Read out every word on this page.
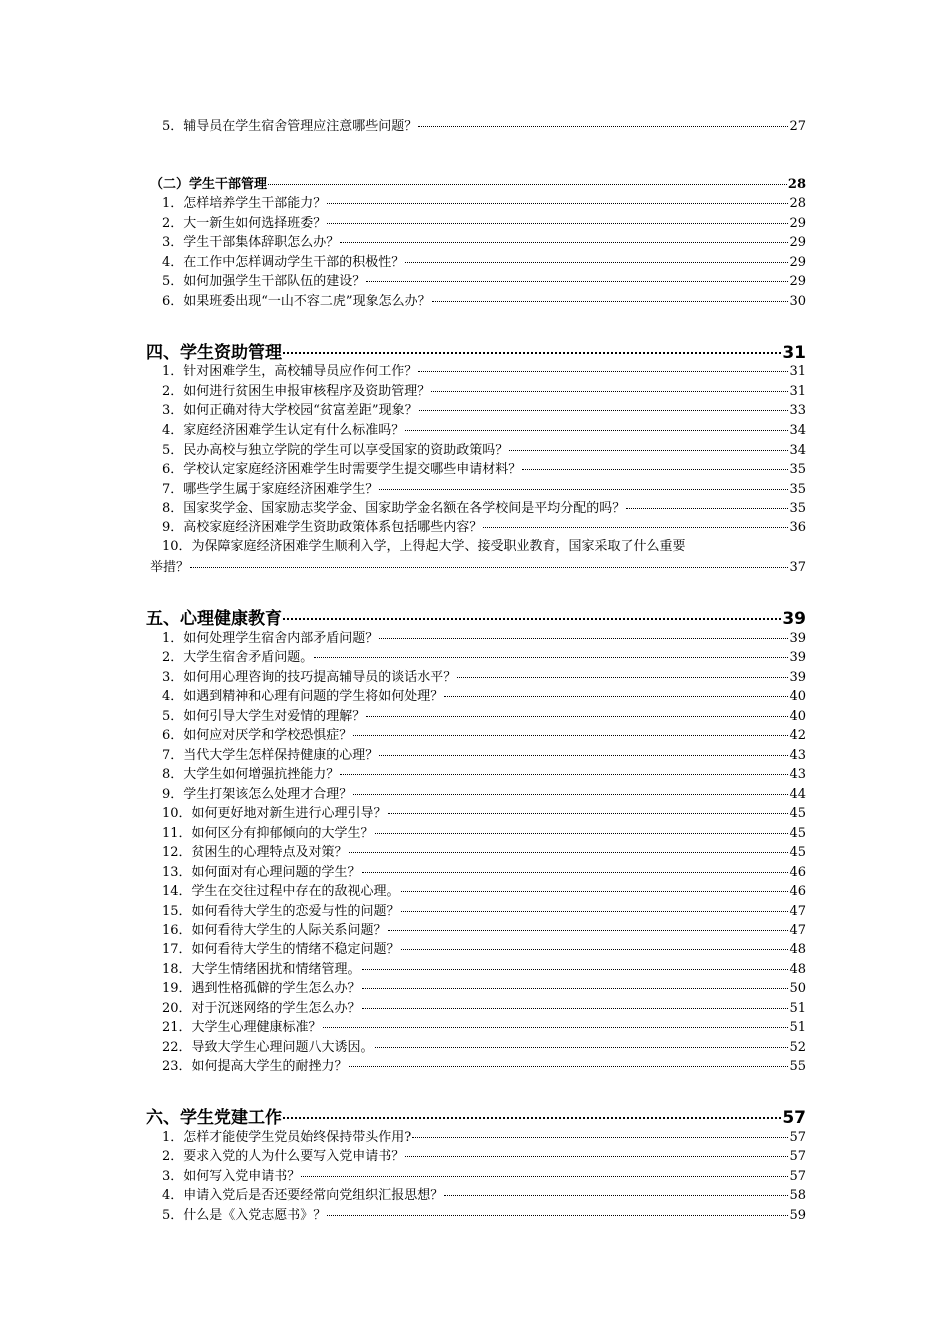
5．辅导员在学生宿舍管理应注意哪些问题？	27
（二）学生干部管理	28
1．怎样培养学生干部能力？	28
2．大一新生如何选择班委？	29
3．学生干部集体辞职怎么办？	29
4．在工作中怎样调动学生干部的积极性？	29
5．如何加强学生干部队伍的建设？	29
6．如果班委出现“一山不容二虎”现象怎么办？	30
四、学生资助管理	31
1．针对困难学生，高校辅导员应作何工作？	31
2．如何进行贫困生申报审核程序及资助管理？	31
3．如何正确对待大学校园“贫富差距”现象？	33
4．家庭经济困难学生认定有什么标准吗？	34
5．民办高校与独立学院的学生可以享受国家的资助政策吗？	34
6．学校认定家庭经济困难学生时需要学生提交哪些申请材料？	35
7．哪些学生属于家庭经济困难学生？	35
8．国家奖学金、国家励志奖学金、国家助学金名额在各学校间是平均分配的吗？	35
9．高校家庭经济困难学生资助政策体系包括哪些内容？	36
10．为保障家庭经济困难学生顺利入学，上得起大学、接受职业教育，国家采取了什么重要
举措？	37
五、心理健康教育	39
1．如何处理学生宿舍内部矛盾问题？	39
2．大学生宿舍矛盾问题。	39
3．如何用心理咨询的技巧提高辅导员的谈话水平？	39
4．如遇到精神和心理有问题的学生将如何处理？	40
5．如何引导大学生对爱情的理解？	40
6．如何应对厌学和学校恐惧症？	42
7．当代大学生怎样保持健康的心理？	43
8．大学生如何增强抗挫能力？	43
9．学生打架该怎么处理才合理？	44
10．如何更好地对新生进行心理引导？	45
11．如何区分有抑郁倾向的大学生？	45
12．贫困生的心理特点及对策？	45
13．如何面对有心理问题的学生？	46
14．学生在交往过程中存在的敌视心理。	46
15．如何看待大学生的恋爱与性的问题？	47
16．如何看待大学生的人际关系问题？	47
17．如何看待大学生的情绪不稳定问题？	48
18．大学生情绪困扰和情绪管理。	48
19．遇到性格孤僻的学生怎么办？	50
20．对于沉迷网络的学生怎么办？	51
21．大学生心理健康标准？	51
22．导致大学生心理问题八大诱因。	52
23．如何提高大学生的耐挫力？	55
六、学生党建工作	57
1．怎样才能使学生党员始终保持带头作用?	57
2．要求入党的人为什么要写入党申请书？	57
3．如何写入党申请书？	57
4．申请入党后是否还要经常向党组织汇报思想？	58
5．什么是《入党志愿书》？	59
